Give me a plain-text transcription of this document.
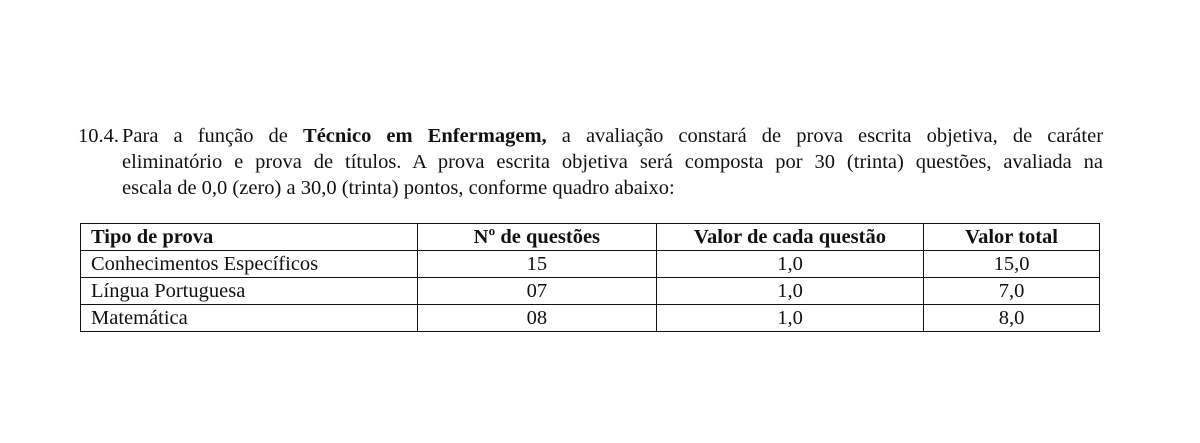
10.4. Para a função de Técnico em Enfermagem, a avaliação constará de prova escrita objetiva, de caráter
eliminatório e prova de títulos. A prova escrita objetiva será composta por 30 (trinta) questões, avaliada na
escala de 0,0 (zero) a 30,0 (trinta) pontos, conforme quadro abaixo:
Tipo de prova	Nº de questões	Valor de cada questão	Valor total
Conhecimentos Específicos	15	1,0	15,0
Língua Portuguesa	07	1,0	7,0
Matemática	08	1,0	8,0
